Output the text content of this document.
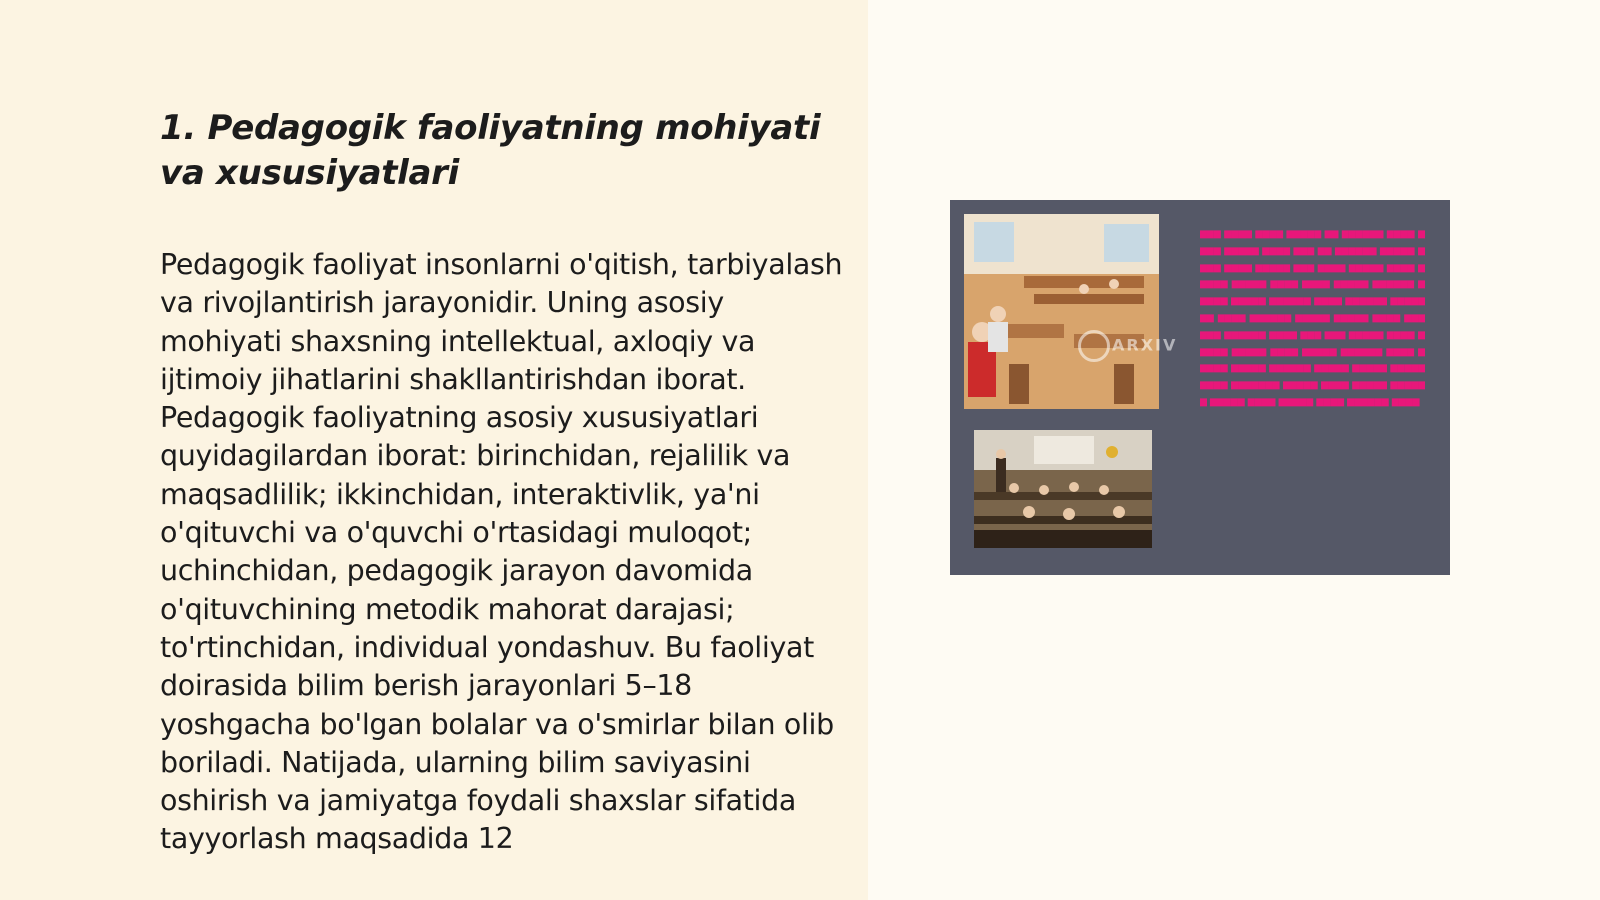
1. Pedagogik faoliyatning mohiyati va xususiyatlari

Pedagogik faoliyat insonlarni o'qitish, tarbiyalash va rivojlantirish jarayonidir. Uning asosiy mohiyati shaxsning intellektual, axloqiy va ijtimoiy jihatlarini shakllantirishdan iborat. Pedagogik faoliyatning asosiy xususiyatlari quyidagilardan iborat: birinchidan, rejalilik va maqsadlilik; ikkinchidan, interaktivlik, ya'ni o'qituvchi va o'quvchi o'rtasidagi muloqot; uchinchidan, pedagogik jarayon davomida o'qituvchining metodik mahorat darajasi; to'rtinchidan, individual yondashuv. Bu faoliyat doirasida bilim berish jarayonlari 5–18 yoshgacha bo'lgan bolalar va o'smirlar bilan olib boriladi. Natijada, ularning bilim saviyasini oshirish va jamiyatga foydali shaxslar sifatida tayyorlash maqsadida 12

ARXIV
▆▆▆ ▆▆▆▆ ▆▆▆▆ ▆▆▆▆▆ ▆▆ ▆▆▆▆▆▆ ▆▆▆▆ ▆▆▆▆ ▆▆▆▆▆ ▆▆▆▆ ▆▆▆ ▆▆ ▆▆▆▆▆▆ ▆▆▆▆▆ ▆▆▆▆ ▆▆▆▆ ▆▆▆▆▆ ▆▆▆ ▆▆▆▆ ▆▆▆▆▆ ▆▆▆▆ ▆▆▆▆▆ ▆▆▆▆▆ ▆▆▆▆ ▆▆▆▆ ▆▆▆▆▆ ▆▆▆▆▆▆ ▆▆▆▆▆ ▆▆▆▆▆ ▆▆▆▆▆▆ ▆▆▆▆ ▆▆▆▆▆▆ ▆▆▆▆▆▆▆ ▆▆▆▆ ▆▆▆▆▆▆ ▆▆▆▆▆ ▆▆▆▆▆ ▆▆▆▆ ▆▆▆▆▆▆ ▆▆▆▆▆▆ ▆▆▆▆ ▆▆▆ ▆▆▆ ▆▆▆▆▆ ▆▆▆▆ ▆▆▆▆▆ ▆▆▆▆▆ ▆▆▆▆ ▆▆▆▆▆ ▆▆▆▆▆▆ ▆▆▆▆ ▆▆▆▆▆ ▆▆▆▆▆ ▆▆▆▆▆▆ ▆▆▆▆▆ ▆▆▆▆▆ ▆▆▆▆▆ ▆▆▆▆ ▆▆▆▆▆▆▆ ▆▆▆▆▆ ▆▆▆▆ ▆▆▆▆▆ ▆▆▆▆▆▆ ▆▆▆▆▆ ▆▆▆▆ ▆▆▆▆▆ ▆▆▆▆ ▆▆▆▆▆▆ ▆▆▆▆
